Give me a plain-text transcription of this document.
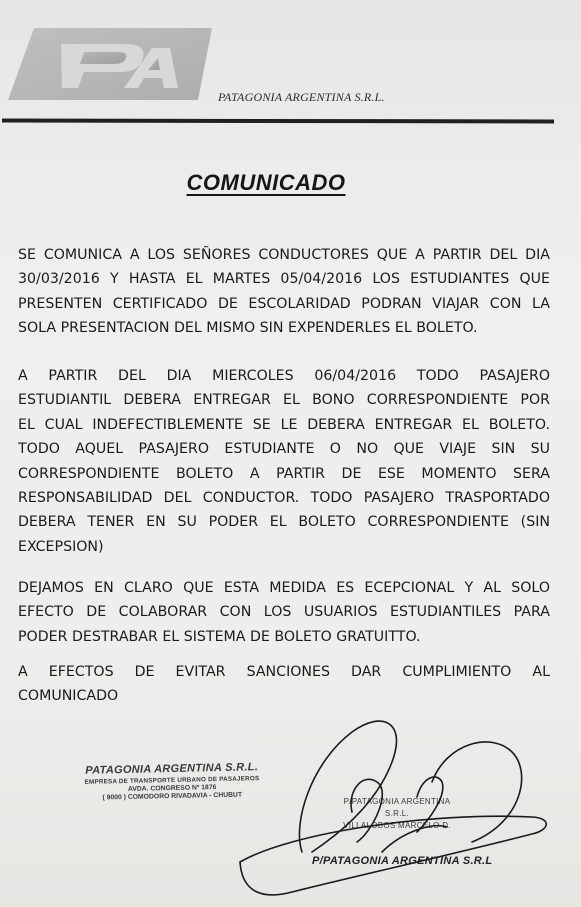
PATAGONIA ARGENTINA S.R.L.
COMUNICADO
SE COMUNICA A LOS SEÑORES CONDUCTORES QUE A PARTIR DEL DIA
30/03/2016 Y HASTA EL MARTES 05/04/2016 LOS ESTUDIANTES QUE
PRESENTEN CERTIFICADO DE ESCOLARIDAD PODRAN VIAJAR CON LA
SOLA PRESENTACION DEL MISMO SIN EXPENDERLES EL BOLETO.
A PARTIR DEL DIA MIERCOLES 06/04/2016 TODO PASAJERO
ESTUDIANTIL DEBERA ENTREGAR EL BONO CORRESPONDIENTE POR
EL CUAL INDEFECTIBLEMENTE SE LE DEBERA ENTREGAR EL BOLETO.
TODO AQUEL PASAJERO ESTUDIANTE O NO QUE VIAJE SIN SU
CORRESPONDIENTE BOLETO A PARTIR DE ESE MOMENTO SERA
RESPONSABILIDAD DEL CONDUCTOR. TODO PASAJERO TRASPORTADO
DEBERA TENER EN SU PODER EL BOLETO CORRESPONDIENTE (SIN
EXCEPSION)
DEJAMOS EN CLARO QUE ESTA MEDIDA ES ECEPCIONAL Y AL SOLO
EFECTO DE COLABORAR CON LOS USUARIOS ESTUDIANTILES PARA
PODER DESTRABAR EL SISTEMA DE BOLETO GRATUITTO.
A EFECTOS DE EVITAR SANCIONES DAR CUMPLIMIENTO AL
COMUNICADO
PATAGONIA ARGENTINA S.R.L.
EMPRESA DE TRANSPORTE URBANO DE PASAJEROS
AVDA. CONGRESO Nº 1876
( 9000 ) COMODORO RIVADAVIA - CHUBUT
P/PATAGONIA ARGENTINA S.R.L.
VILLALOBOS MARCELO D.
P/PATAGONIA ARGENTINA S.R.L
